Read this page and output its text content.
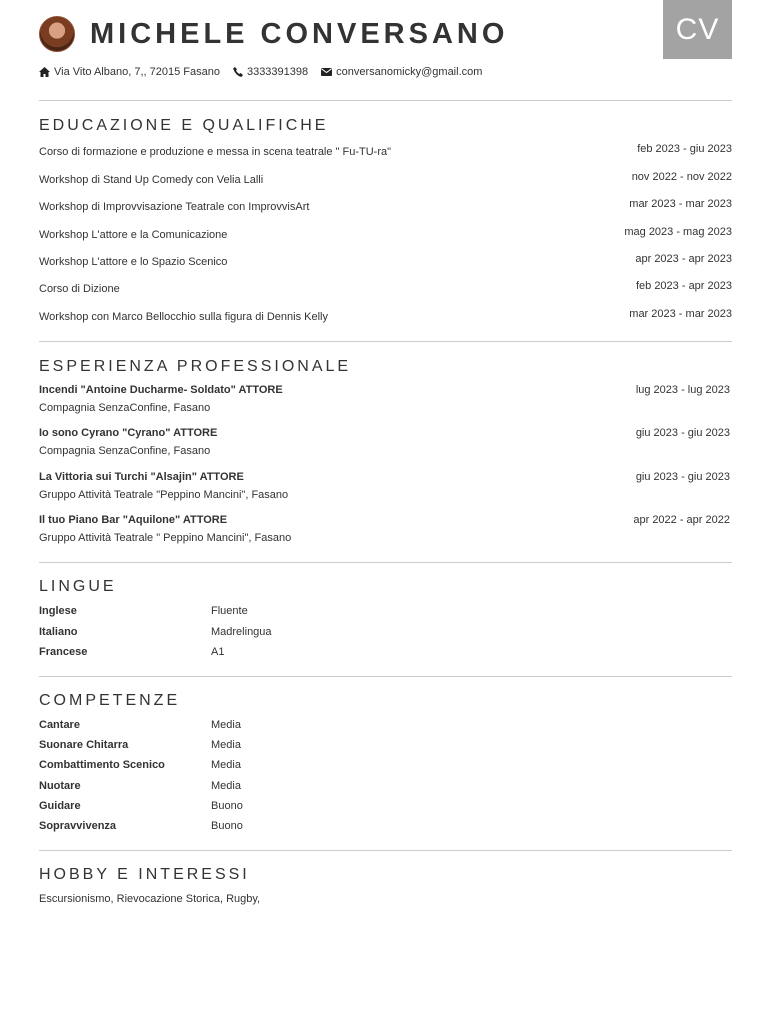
CV
MICHELE CONVERSANO
Via Vito Albano, 7,, 72015 Fasano 3333391398	conversanomicky@gmail.com
EDUCAZIONE E QUALIFICHE
Corso di formazione e produzione e messa in scena teatrale " Fu-TU-ra"	feb 2023 - giu 2023
Workshop di Stand Up Comedy con Velia Lalli	nov 2022 - nov 2022
Workshop di Improvvisazione Teatrale con ImprovvisArt	mar 2023 - mar 2023
Workshop L'attore e la Comunicazione	mag 2023 - mag 2023
Workshop L'attore e lo Spazio Scenico	apr 2023 - apr 2023
Corso di Dizione	feb 2023 - apr 2023
Workshop con Marco Bellocchio sulla figura di Dennis Kelly	mar 2023 - mar 2023
ESPERIENZA PROFESSIONALE
Incendi "Antoine Ducharme- Soldato" ATTORE
Compagnia SenzaConfine, Fasano
lug 2023 - lug 2023
Io sono Cyrano "Cyrano" ATTORE
Compagnia SenzaConfine, Fasano
giu 2023 - giu 2023
La Vittoria sui Turchi "Alsajin" ATTORE
Gruppo Attività Teatrale "Peppino Mancini", Fasano
giu 2023 - giu 2023
Il tuo Piano Bar "Aquilone" ATTORE
Gruppo Attività Teatrale " Peppino Mancini", Fasano
apr 2022 - apr 2022
LINGUE
Inglese	Fluente
Italiano	Madrelingua
Francese	A1
COMPETENZE
Cantare	Media
Suonare Chitarra	Media
Combattimento Scenico	Media
Nuotare	Media
Guidare	Buono
Sopravvivenza	Buono
HOBBY E INTERESSI
Escursionismo, Rievocazione Storica, Rugby,
